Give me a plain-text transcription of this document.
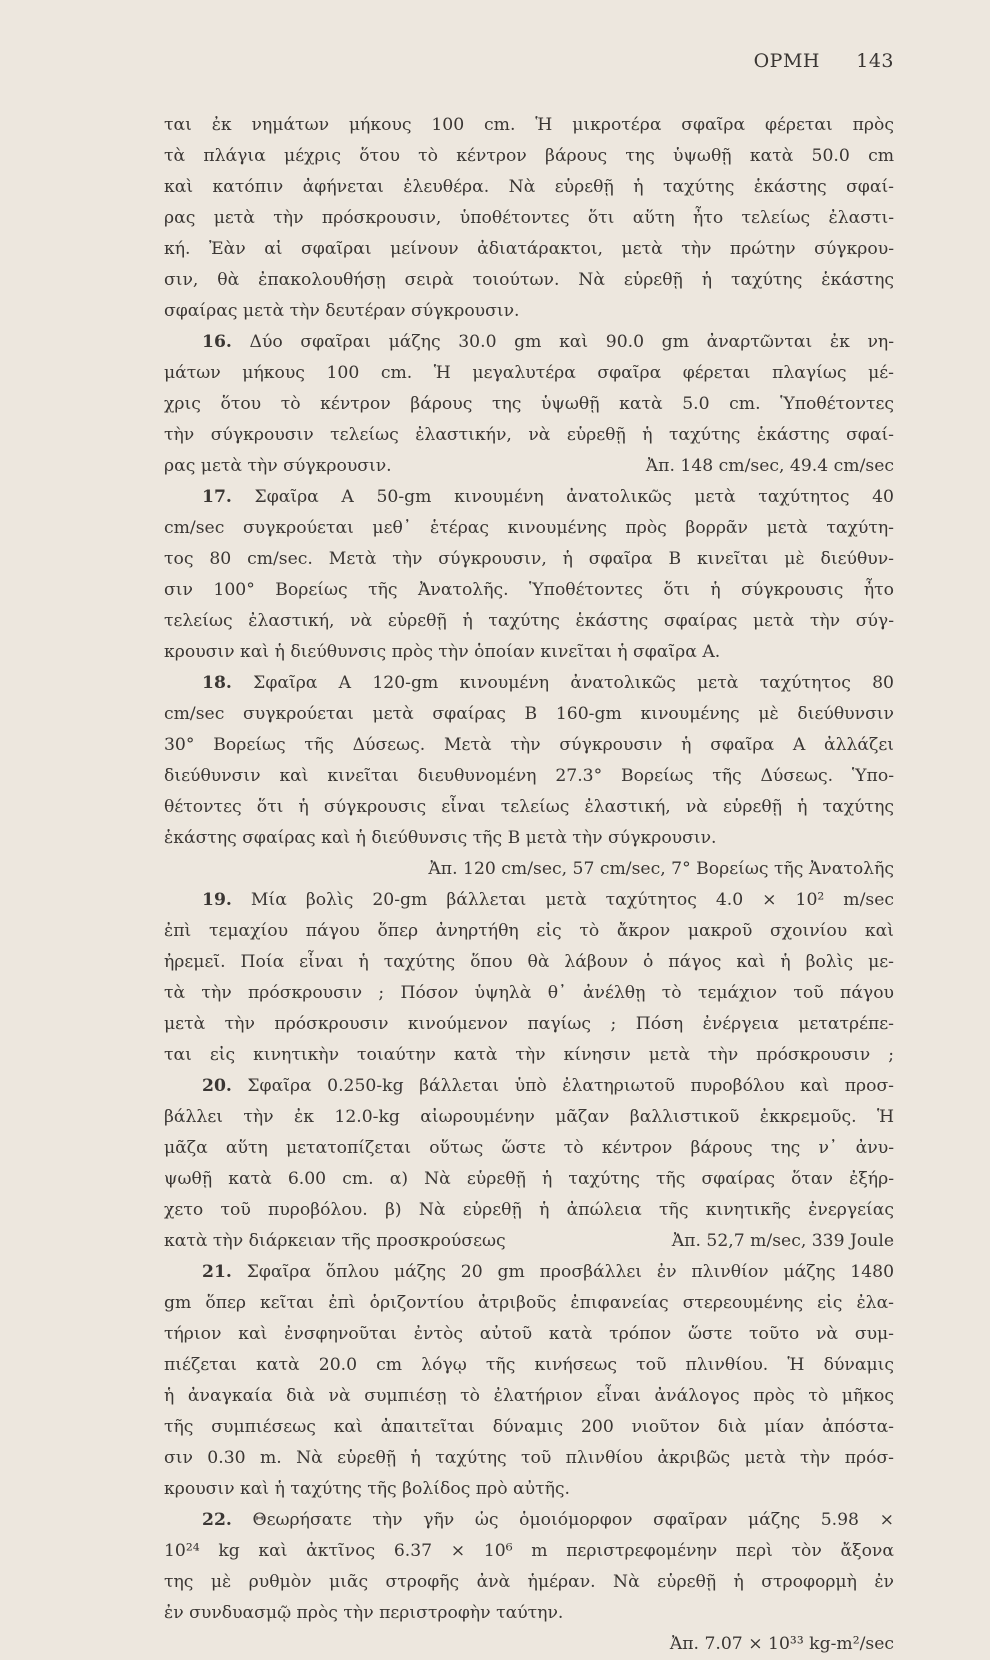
ΟΡΜΗ 143
ται ἐκ νημάτων μήκους 100 cm. Ἡ μικροτέρα σφαῖρα φέρεται πρὸς
τὰ πλάγια μέχρις ὅτου τὸ κέντρον βάρους της ὑψωθῇ κατὰ 50.0 cm
καὶ κατόπιν ἀφήνεται ἐλευθέρα. Νὰ εὑρεθῇ ἡ ταχύτης ἑκάστης σφαί-
ρας μετὰ τὴν πρόσκρουσιν, ὑποθέτοντες ὅτι αὕτη ἦτο τελείως ἐλαστι-
κή. Ἐὰν αἱ σφαῖραι μείνουν ἀδιατάρακτοι, μετὰ τὴν πρώτην σύγκρου-
σιν, θὰ ἐπακολουθήσῃ σειρὰ τοιούτων. Νὰ εὑρεθῇ ἡ ταχύτης ἑκάστης
σφαίρας μετὰ τὴν δευτέραν σύγκρουσιν.
16. Δύο σφαῖραι μάζης 30.0 gm καὶ 90.0 gm ἀναρτῶνται ἐκ νη-
μάτων μήκους 100 cm. Ἡ μεγαλυτέρα σφαῖρα φέρεται πλαγίως μέ-
χρις ὅτου τὸ κέντρον βάρους της ὑψωθῇ κατὰ 5.0 cm. Ὑποθέτοντες
τὴν σύγκρουσιν τελείως ἐλαστικήν, νὰ εὑρεθῇ ἡ ταχύτης ἑκάστης σφαί-
ρας μετὰ τὴν σύγκρουσιν.	Ἀπ. 148 cm/sec, 49.4 cm/sec
17. Σφαῖρα A 50-gm κινουμένη ἀνατολικῶς μετὰ ταχύτητος 40
cm/sec συγκρούεται μεθ᾽ ἑτέρας κινουμένης πρὸς βορρᾶν μετὰ ταχύτη-
τος 80 cm/sec. Μετὰ τὴν σύγκρουσιν, ἡ σφαῖρα B κινεῖται μὲ διεύθυν-
σιν 100° Βορείως τῆς Ἀνατολῆς. Ὑποθέτοντες ὅτι ἡ σύγκρουσις ἦτο
τελείως ἐλαστική, νὰ εὑρεθῇ ἡ ταχύτης ἑκάστης σφαίρας μετὰ τὴν σύγ-
κρουσιν καὶ ἡ διεύθυνσις πρὸς τὴν ὁποίαν κινεῖται ἡ σφαῖρα A.
18. Σφαῖρα A 120-gm κινουμένη ἀνατολικῶς μετὰ ταχύτητος 80
cm/sec συγκρούεται μετὰ σφαίρας B 160-gm κινουμένης μὲ διεύθυνσιν
30° Βορείως τῆς Δύσεως. Μετὰ τὴν σύγκρουσιν ἡ σφαῖρα A ἀλλάζει
διεύθυνσιν καὶ κινεῖται διευθυνομένη 27.3° Βορείως τῆς Δύσεως. Ὑπο-
θέτοντες ὅτι ἡ σύγκρουσις εἶναι τελείως ἐλαστική, νὰ εὑρεθῇ ἡ ταχύτης
ἑκάστης σφαίρας καὶ ἡ διεύθυνσις τῆς B μετὰ τὴν σύγκρουσιν.
Ἀπ. 120 cm/sec, 57 cm/sec, 7° Βορείως τῆς Ἀνατολῆς
19. Μία βολὶς 20-gm βάλλεται μετὰ ταχύτητος 4.0 × 10² m/sec
ἐπὶ τεμαχίου πάγου ὅπερ ἀνηρτήθη εἰς τὸ ἄκρον μακροῦ σχοινίου καὶ
ἠρεμεῖ. Ποία εἶναι ἡ ταχύτης ὅπου θὰ λάβουν ὁ πάγος καὶ ἡ βολὶς με-
τὰ τὴν πρόσκρουσιν ; Πόσον ὑψηλὰ θ᾽ ἀνέλθῃ τὸ τεμάχιον τοῦ πάγου
μετὰ τὴν πρόσκρουσιν κινούμενον παγίως ; Πόση ἐνέργεια μετατρέπε-
ται εἰς κινητικὴν τοιαύτην κατὰ τὴν κίνησιν μετὰ τὴν πρόσκρουσιν ;
20. Σφαῖρα 0.250-kg βάλλεται ὑπὸ ἐλατηριωτοῦ πυροβόλου καὶ προσ-
βάλλει τὴν ἐκ 12.0-kg αἰωρουμένην μᾶζαν βαλλιστικοῦ ἐκκρεμοῦς. Ἡ
μᾶζα αὕτη μετατοπίζεται οὕτως ὥστε τὸ κέντρον βάρους της ν᾽ ἀνυ-
ψωθῇ κατὰ 6.00 cm. α) Νὰ εὑρεθῇ ἡ ταχύτης τῆς σφαίρας ὅταν ἐξήρ-
χετο τοῦ πυροβόλου. β) Νὰ εὑρεθῇ ἡ ἀπώλεια τῆς κινητικῆς ἐνεργείας
κατὰ τὴν διάρκειαν τῆς προσκρούσεως	Ἀπ. 52,7 m/sec, 339 Joule
21. Σφαῖρα ὅπλου μάζης 20 gm προσβάλλει ἐν πλινθίον μάζης 1480
gm ὅπερ κεῖται ἐπὶ ὁριζοντίου ἀτριβοῦς ἐπιφανείας στερεουμένης εἰς ἐλα-
τήριον καὶ ἐνσφηνοῦται ἐντὸς αὐτοῦ κατὰ τρόπον ὥστε τοῦτο νὰ συμ-
πιέζεται κατὰ 20.0 cm λόγῳ τῆς κινήσεως τοῦ πλινθίου. Ἡ δύναμις
ἡ ἀναγκαία διὰ νὰ συμπιέσῃ τὸ ἐλατήριον εἶναι ἀνάλογος πρὸς τὸ μῆκος
τῆς συμπιέσεως καὶ ἀπαιτεῖται δύναμις 200 νιοῦτον διὰ μίαν ἀπόστα-
σιν 0.30 m. Νὰ εὑρεθῇ ἡ ταχύτης τοῦ πλινθίου ἀκριβῶς μετὰ τὴν πρόσ-
κρουσιν καὶ ἡ ταχύτης τῆς βολίδος πρὸ αὐτῆς.
22. Θεωρήσατε τὴν γῆν ὡς ὁμοιόμορφον σφαῖραν μάζης 5.98 ×
10²⁴ kg καὶ ἀκτῖνος 6.37 × 10⁶ m περιστρεφομένην περὶ τὸν ἄξονα
της μὲ ρυθμὸν μιᾶς στροφῆς ἀνὰ ἡμέραν. Νὰ εὑρεθῇ ἡ στροφορμὴ ἐν
ἐν συνδυασμῷ πρὸς τὴν περιστροφὴν ταύτην.
Ἀπ. 7.07 × 10³³ kg-m²/sec
